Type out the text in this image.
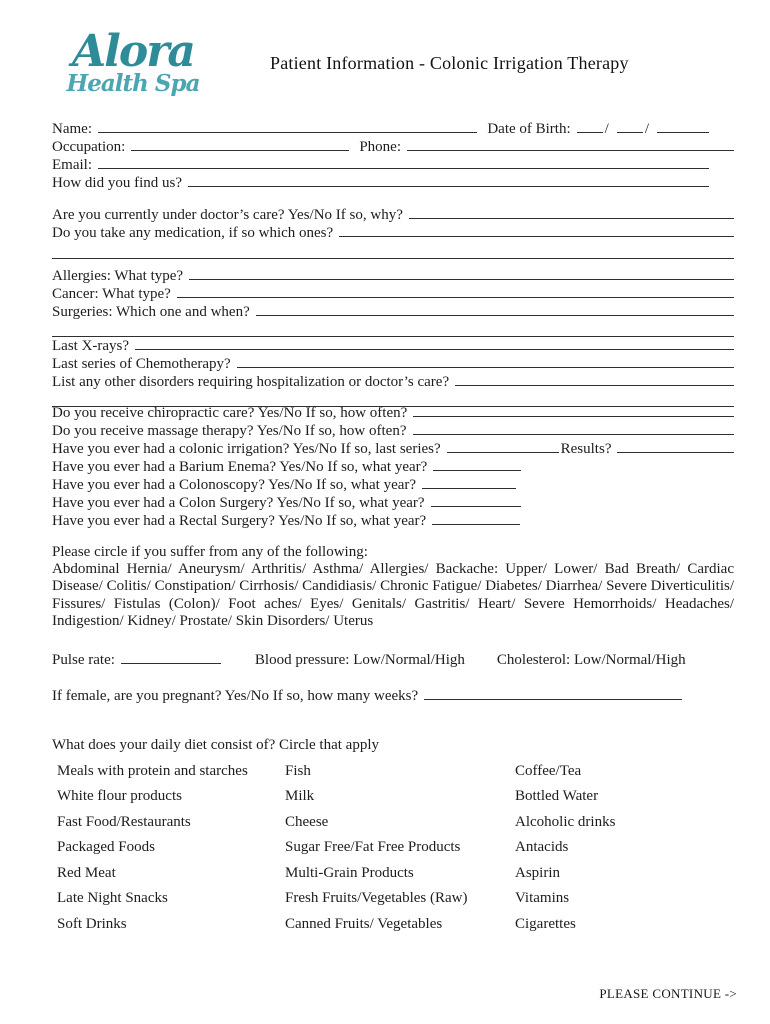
Alora
Health Spa
Patient Information - Colonic Irrigation Therapy
Name:	Date of Birth: / /
Occupation:	Phone:
Email:
How did you find us?
Are you currently under doctor’s care? Yes/No If so, why?
Do you take any medication, if so which ones?
Allergies: What type?
Cancer: What type?
Surgeries: Which one and when?
Last X-rays?
Last series of Chemotherapy?
List any other disorders requiring hospitalization or doctor’s care?
Do you receive chiropractic care? Yes/No If so, how often?
Do you receive massage therapy? Yes/No If so, how often?
Have you ever had a colonic irrigation? Yes/No If so, last series?	Results?
Have you ever had a Barium Enema? Yes/No If so, what year?
Have you ever had a Colonoscopy? Yes/No If so, what year?
Have you ever had a Colon Surgery? Yes/No If so, what year?
Have you ever had a Rectal Surgery? Yes/No If so, what year?
Please circle if you suffer from any of the following:
Abdominal Hernia/ Aneurysm/ Arthritis/ Asthma/ Allergies/ Backache: Upper/ Lower/ Bad Breath/ Cardiac Disease/ Colitis/ Constipation/ Cirrhosis/ Candidiasis/ Chronic Fatigue/ Diabetes/ Diarrhea/ Severe Diverticulitis/ Fissures/ Fistulas (Colon)/ Foot aches/ Eyes/ Genitals/ Gastritis/ Heart/ Severe Hemorrhoids/ Headaches/ Indigestion/ Kidney/ Prostate/ Skin Disorders/ Uterus
Pulse rate:	Blood pressure: Low/Normal/High Cholesterol: Low/Normal/High
If female, are you pregnant? Yes/No If so, how many weeks?
What does your daily diet consist of? Circle that apply
Meals with protein and starches	Fish	Coffee/Tea
White flour products	Milk	Bottled Water
Fast Food/Restaurants	Cheese	Alcoholic drinks
Packaged Foods	Sugar Free/Fat Free Products	Antacids
Red Meat	Multi-Grain Products	Aspirin
Late Night Snacks	Fresh Fruits/Vegetables (Raw)	Vitamins
Soft Drinks	Canned Fruits/ Vegetables	Cigarettes
PLEASE CONTINUE ->
